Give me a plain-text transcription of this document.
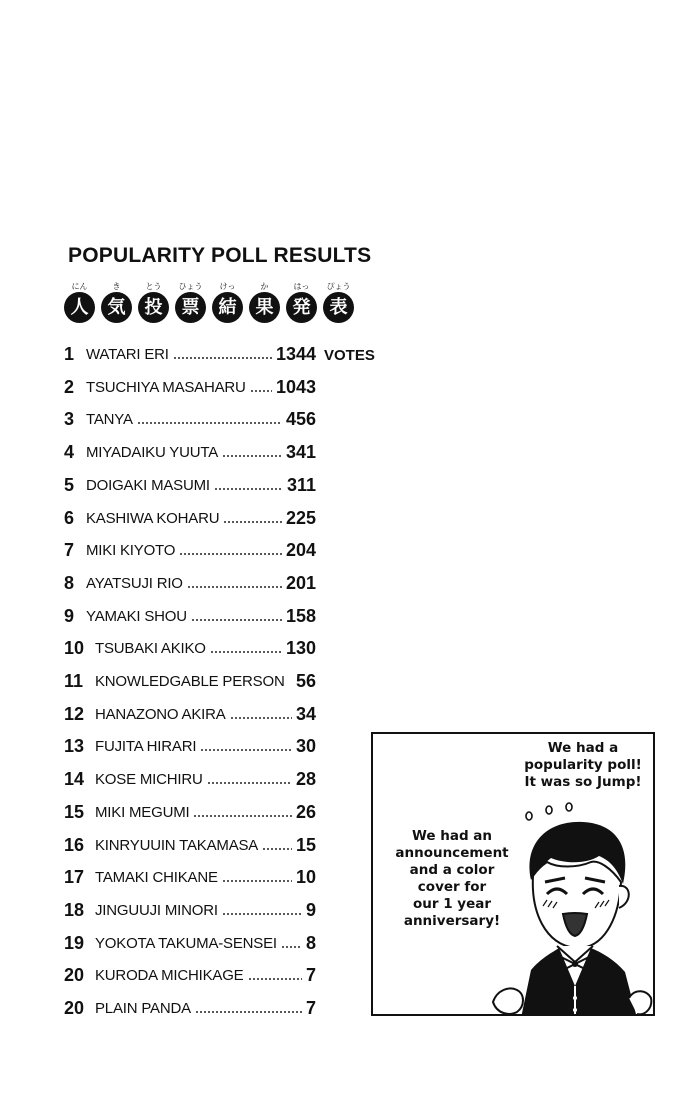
POPULARITY POLL RESULTS
にん
人
き
気
とう
投
ひょう
票
けっ
結
か
果
はっ
発
ぴょう
表
1 WATARI ERI	1344 VOTES
2 TSUCHIYA MASAHARU 1043
3 TANYA	456
4 MIYADAIKU YUUTA	341
5 DOIGAKI MASUMI	311
6 KASHIWA KOHARU	225
7 MIKI KIYOTO	204
8 AYATSUJI RIO	201
9 YAMAKI SHOU	158
10 TSUBAKI AKIKO	130
11 KNOWLEDGABLE PERSON 56
12 HANAZONO AKIRA	34
13 FUJITA HIRARI	30
14 KOSE MICHIRU	28
15 MIKI MEGUMI	26
16 KINRYUUIN TAKAMASA 15
17 TAMAKI CHIKANE	10
18 JINGUUJI MINORI	9
19 YOKOTA TAKUMA-SENSEI 8
20 KURODA MICHIKAGE	7
20 PLAIN PANDA	7
We had a
popularity poll!
It was so Jump!
We had an
announcement
and a color
cover for
our 1 year
anniversary!
